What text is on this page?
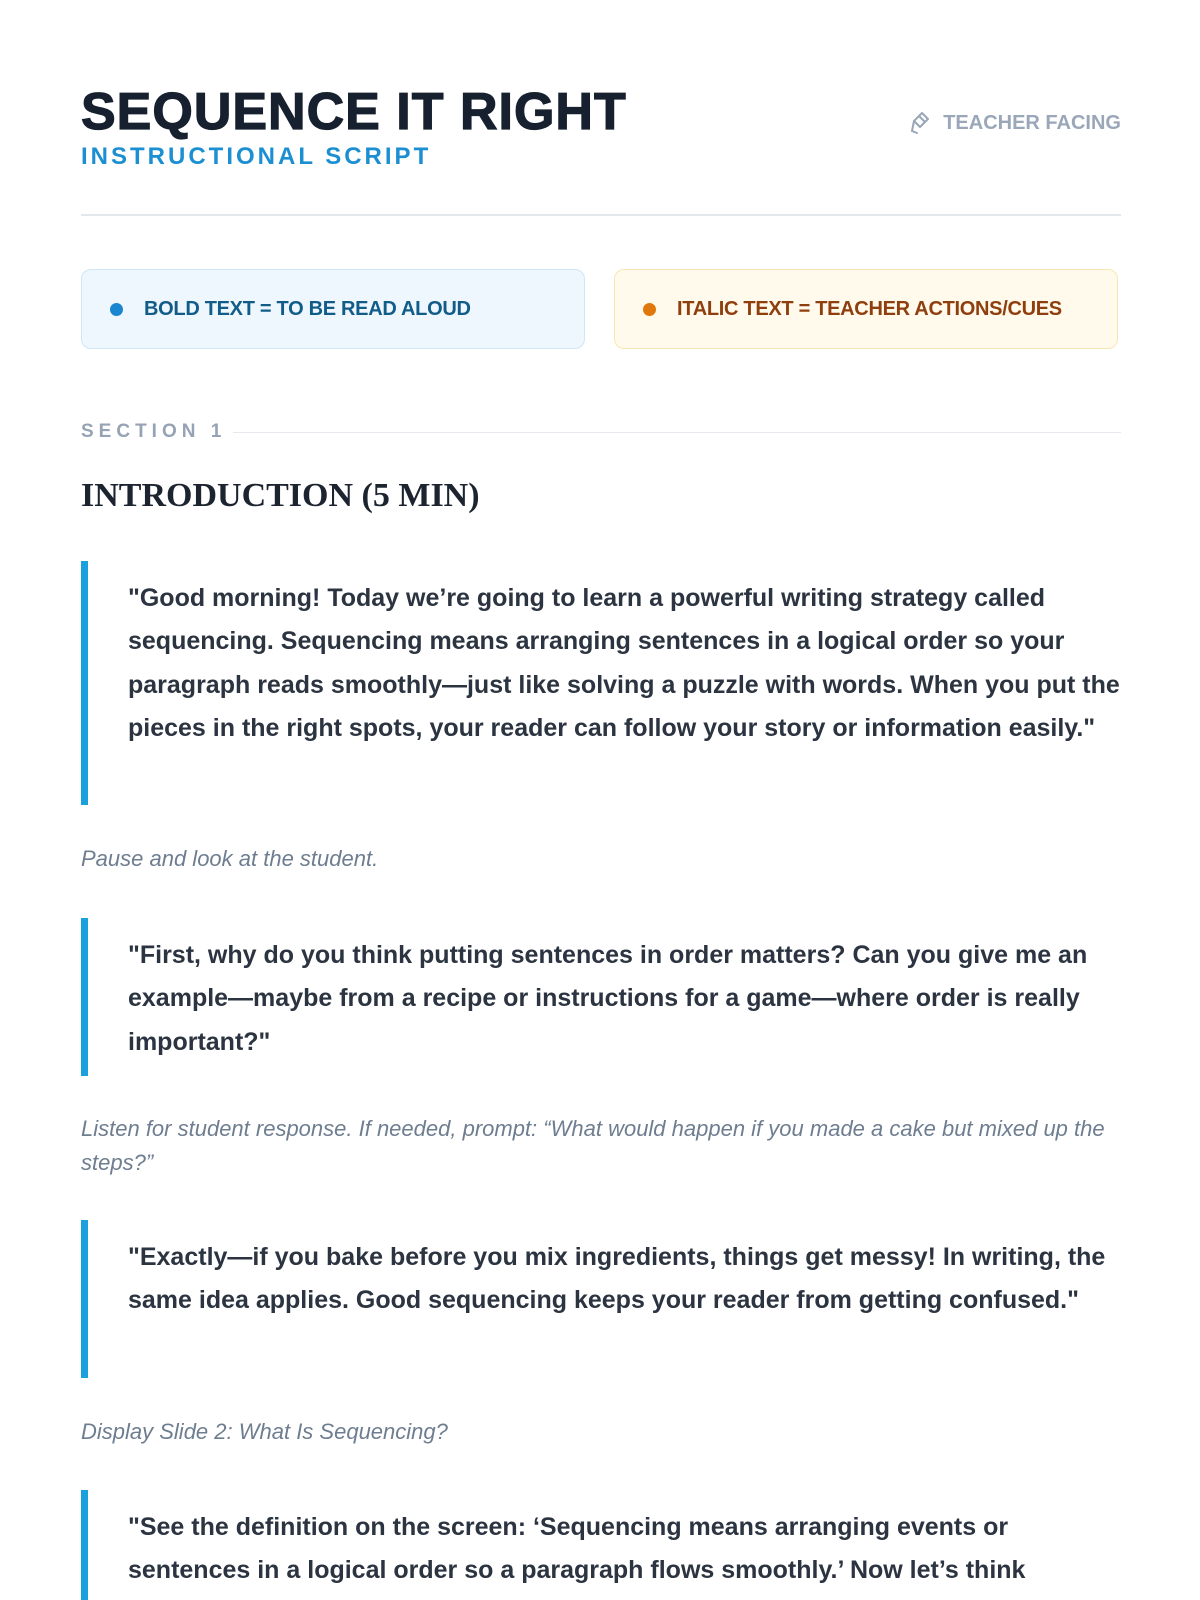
SEQUENCE IT RIGHT
INSTRUCTIONAL SCRIPT
TEACHER FACING
BOLD TEXT = TO BE READ ALOUD	ITALIC TEXT = TEACHER ACTIONS/CUES
SECTION 1
INTRODUCTION (5 MIN)
"Good morning! Today we’re going to learn a powerful writing strategy called sequencing. Sequencing means arranging sentences in a logical order so your paragraph reads smoothly—just like solving a puzzle with words. When you put the pieces in the right spots, your reader can follow your story or information easily."
Pause and look at the student.
"First, why do you think putting sentences in order matters? Can you give me an example—maybe from a recipe or instructions for a game—where order is really important?"
Listen for student response. If needed, prompt: “What would happen if you made a cake but mixed up the steps?”
"Exactly—if you bake before you mix ingredients, things get messy! In writing, the same idea applies. Good sequencing keeps your reader from getting confused."
Display Slide 2: What Is Sequencing?
"See the definition on the screen: ‘Sequencing means arranging events or sentences in a logical order so a paragraph flows smoothly.’ Now let’s think
